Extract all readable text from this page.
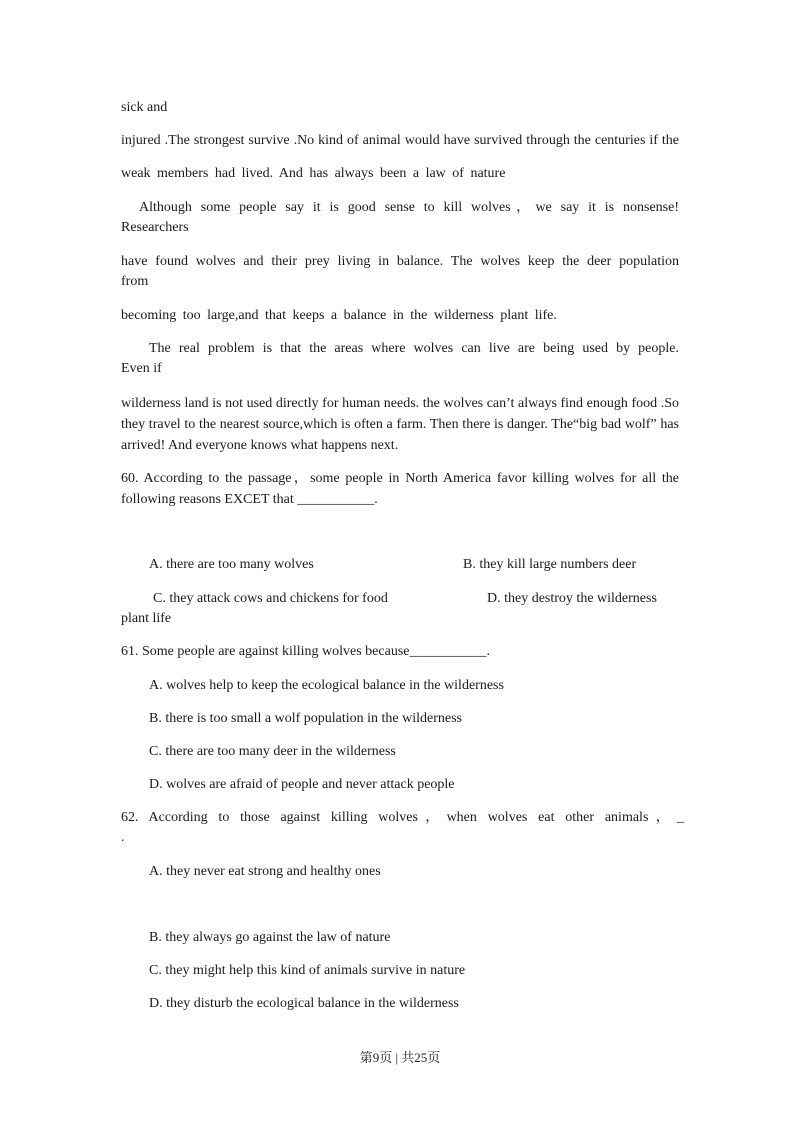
sick and
injured .The strongest survive .No kind of animal would have survived through the centuries if the
weak members had lived. And has always been a law of nature
Although some people say it is good sense to kill wolves，we say it is nonsense!
Researchers
have found wolves and their prey living in balance. The wolves keep the deer population
from
becoming too large,and that keeps a balance in the wilderness plant life.
The real problem is that the areas where wolves can live are being used by people.
Even if
wilderness land is not used directly for human needs. the wolves can’t always find enough food .So they travel to the nearest source,which is often a farm. Then there is danger. The“big bad wolf” has arrived! And everyone knows what happens next.
60. According to the passage，some people in North America favor killing wolves for all the following reasons EXCET that ___________.
A. there are too many wolves	B. they kill large numbers deer
C. they attack cows and chickens for food	D. they destroy the wilderness
plant life
61. Some people are against killing wolves because___________.
A. wolves help to keep the ecological balance in the wilderness
B. there is too small a wolf population in the wilderness
C. there are too many deer in the wilderness
D. wolves are afraid of people and never attack people
62. According to those against killing wolves，when wolves eat other animals，_
.
A. they never eat strong and healthy ones
B. they always go against the law of nature
C. they might help this kind of animals survive in nature
D. they disturb the ecological balance in the wilderness
第9页 | 共25页
